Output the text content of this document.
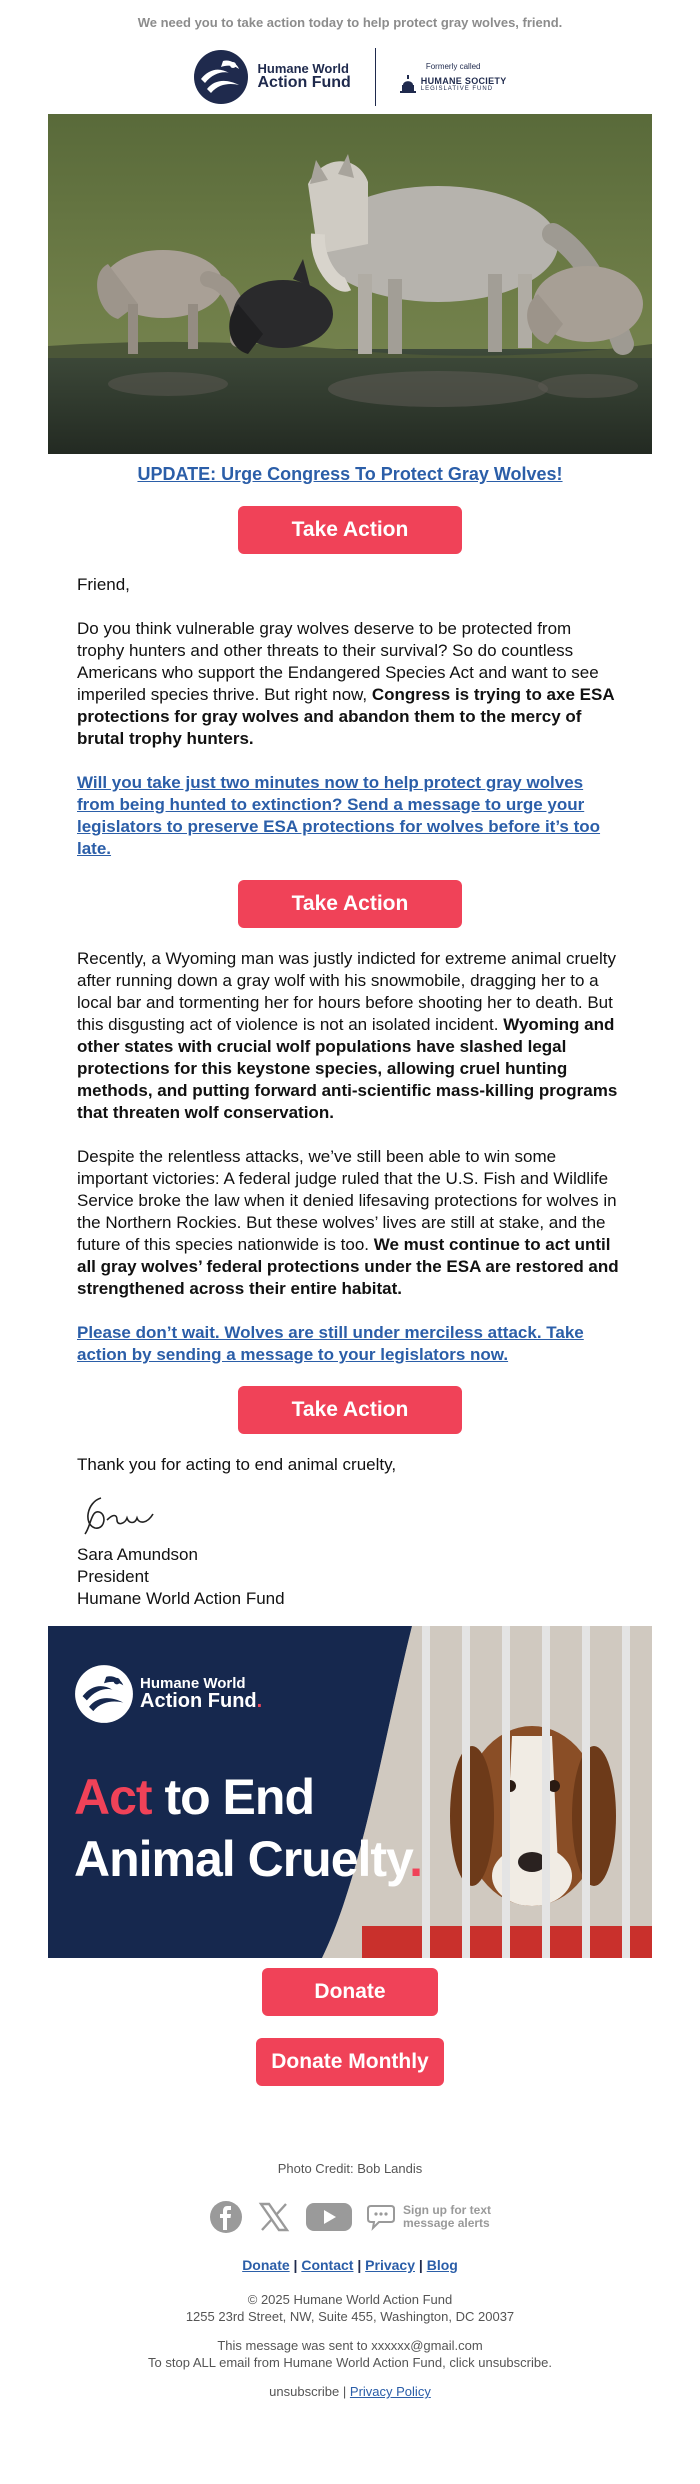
We need you to take action today to help protect gray wolves, friend.
Humane World
Action Fund
Formerly called
HUMANE SOCIETY
LEGISLATIVE FUND
UPDATE: Urge Congress To Protect Gray Wolves!
Take Action

Friend,

Do you think vulnerable gray wolves deserve to be protected from trophy hunters and other threats to their survival? So do countless Americans who support the Endangered Species Act and want to see imperiled species thrive. But right now, Congress is trying to axe ESA protections for gray wolves and abandon them to the mercy of brutal trophy hunters.

Will you take just two minutes now to help protect gray wolves from being hunted to extinction? Send a message to urge your legislators to preserve ESA protections for wolves before it’s too late.

Take Action

Recently, a Wyoming man was justly indicted for extreme animal cruelty after running down a gray wolf with his snowmobile, dragging her to a local bar and tormenting her for hours before shooting her to death. But this disgusting act of violence is not an isolated incident. Wyoming and other states with crucial wolf populations have slashed legal protections for this keystone species, allowing cruel hunting methods, and putting forward anti-scientific mass-killing programs that threaten wolf conservation.

Despite the relentless attacks, we’ve still been able to win some important victories: A federal judge ruled that the U.S. Fish and Wildlife Service broke the law when it denied lifesaving protections for wolves in the Northern Rockies. But these wolves’ lives are still at stake, and the future of this species nationwide is too. We must continue to act until all gray wolves’ federal protections under the ESA are restored and strengthened across their entire habitat.

Please don’t wait. Wolves are still under merciless attack. Take action by sending a message to your legislators now.

Take Action

Thank you for acting to end animal cruelty,

Sara Amundson
President
Humane World Action Fund
Humane World
Action Fund.
Act to End
Animal Cruelty.
Donate
Donate Monthly
Photo Credit: Bob Landis
Sign up for text
message alerts
Donate | Contact | Privacy | Blog
© 2025 Humane World Action Fund
1255 23rd Street, NW, Suite 455, Washington, DC 20037
This message was sent to xxxxxx@gmail.com
To stop ALL email from Humane World Action Fund, click unsubscribe.
unsubscribe | Privacy Policy
